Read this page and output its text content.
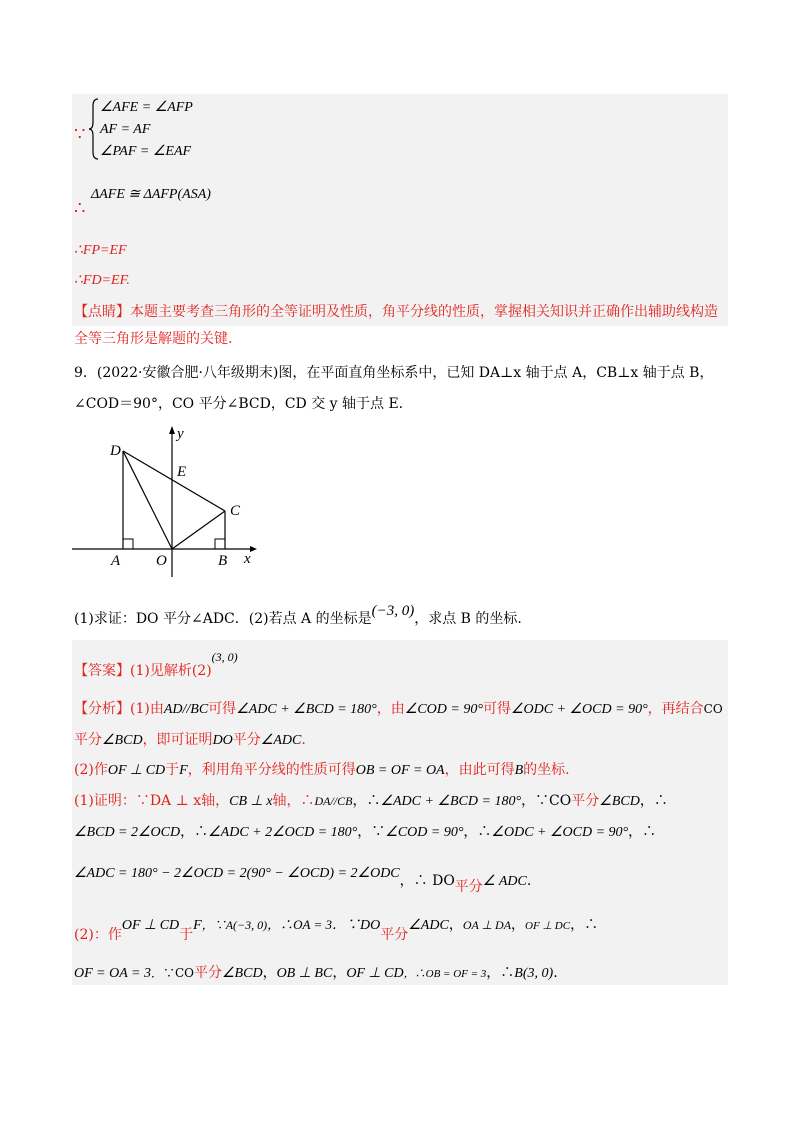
∵
∠AFE = ∠AFP
AF = AF
∠PAF = ∠EAF
∴
ΔAFE ≅ ΔAFP(ASA)
∴FP=EF
∴FD=EF.
【点睛】本题主要考查三角形的全等证明及性质，角平分线的性质，掌握相关知识并正确作出辅助线构造
全等三角形是解题的关键.
9．(2022·安徽合肥·八年级期末)图，在平面直角坐标系中，已知 DA⊥x 轴于点 A，CB⊥x 轴于点 B，
∠COD＝90°，CO 平分∠BCD，CD 交 y 轴于点 E.
D
E
C
A O	B x
y
(1)求证：DO 平分∠ADC．(2)若点 A 的坐标是(−3, 0)，求点 B 的坐标.
【答案】(1)见解析(2)(3, 0)
【分析】(1)由AD//BC可得∠ADC + ∠BCD = 180°，由∠COD = 90°可得∠ODC + ∠OCD = 90°，再结合CO
平分∠BCD，即可证明DO平分∠ADC.
(2)作OF ⊥ CD于F，利用角平分线的性质可得OB = OF = OA，由此可得B的坐标.
(1)证明：∵DA ⊥ x轴，CB ⊥ x轴，∴DA//CB，∴∠ADC + ∠BCD = 180°，∵CO平分∠BCD，∴
∠BCD = 2∠OCD，∴∠ADC + 2∠OCD = 180°，∵∠COD = 90°，∴∠ODC + ∠OCD = 90°，∴
∠ADC = 180° − 2∠OCD = 2(90° − ∠OCD) = 2∠ODC，∴ DO平分∠ ADC.
(2)：作OF ⊥ CD于F，∵A(−3, 0)，∴OA = 3．∵DO平分∠ADC，OA ⊥ DA，OF ⊥ DC，∴
OF = OA = 3．∵CO平分∠BCD，OB ⊥ BC，OF ⊥ CD，∴OB = OF = 3，∴B(3, 0).
